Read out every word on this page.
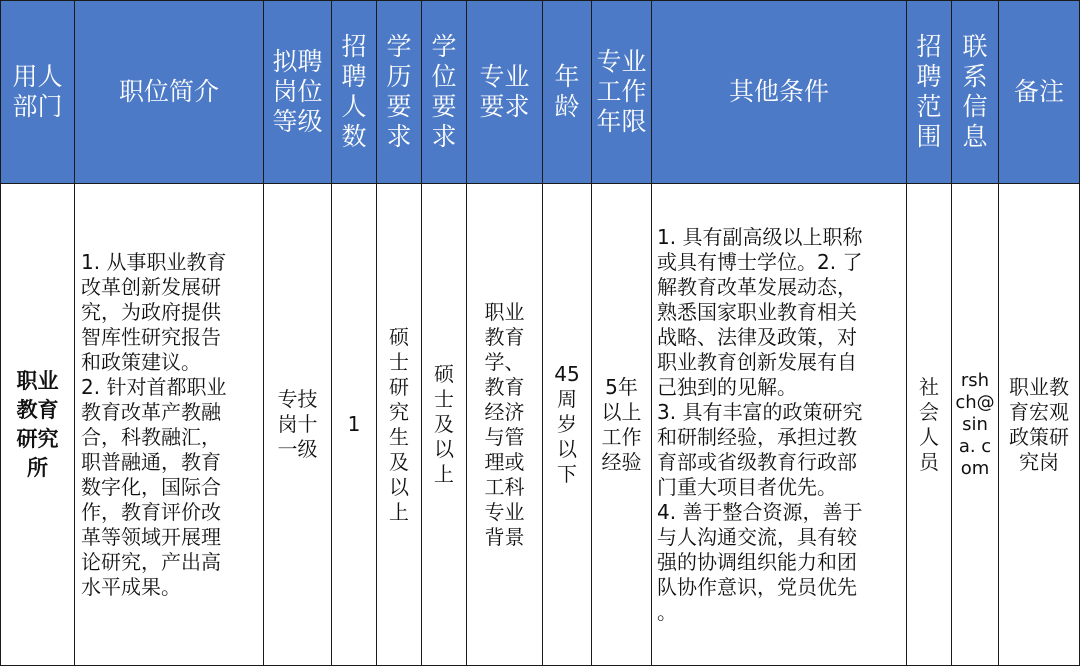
用人
部门
职位简介
拟聘
岗位
等级
招
聘
人
数
学
历
要
求
学
位
要
求
专业
要求
年
龄
专业
工作
年限
其他条件
招
聘
范
围
联
系
信
息
备注
职业
教育
研究
所
1. 从事职业教育
改革创新发展研
究，为政府提供
智库性研究报告
和政策建议。
2. 针对首都职业
教育改革产教融
合，科教融汇，
职普融通，教育
数字化，国际合
作，教育评价改
革等领域开展理
论研究，产出高
水平成果。
专技
岗十
一级
1
硕
士
研
究
生
及
以
上
硕
士
及
以
上
职业
教育
学、
教育
经济
与管
理或
工科
专业
背景
45
周
岁
以
下
5年
以上
工作
经验
1. 具有副高级以上职称
或具有博士学位。2. 了
解教育改革发展动态，
熟悉国家职业教育相关
战略、法律及政策，对
职业教育创新发展有自
己独到的见解。
3. 具有丰富的政策研究
和研制经验，承担过教
育部或省级教育行政部
门重大项目者优先。
4. 善于整合资源，善于
与人沟通交流，具有较
强的协调组织能力和团
队协作意识，党员优先
。
社
会
人
员
rsh
ch@
sin
a. c
om
职业教
育宏观
政策研
究岗
